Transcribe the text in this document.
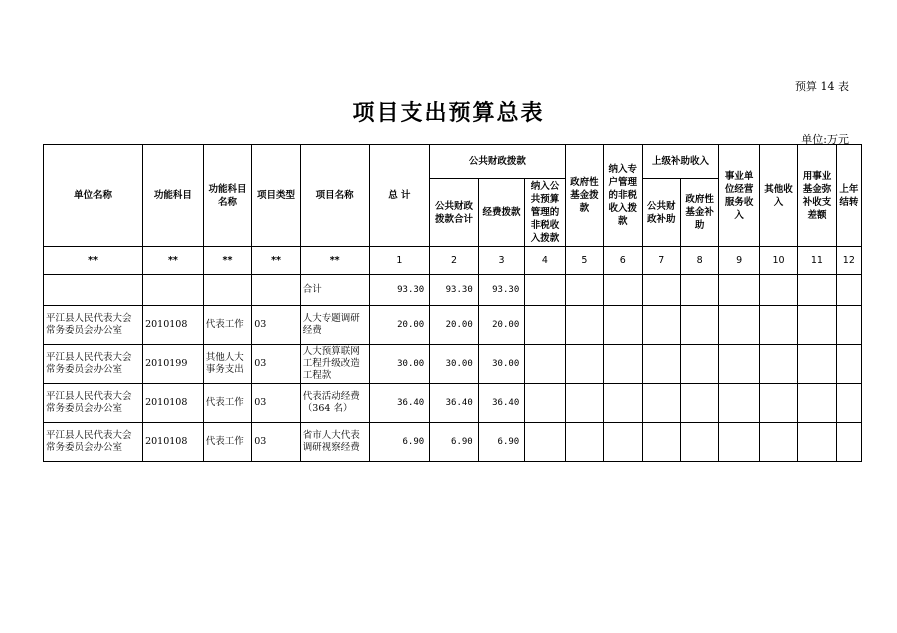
预算 14 表
项目支出预算总表
单位:万元
单位名称	功能科目	功能科目名称	项目类型	项目名称	总 计	公共财政拨款			政府性基金拨款	纳入专户管理的非税收入拨款	上级补助收入		事业单位经营服务收入	其他收入	用事业基金弥补收支差额	上年结转
						公共财政拨款合计	经费拨款	纳入公共预算管理的非税收入拨款			公共财政补助	政府性基金补助				
**	**	**	**	**	1	2	3	4	5	6	7	8	9	10	11	12
				合计	93.30	93.30	93.30									
平江县人民代表大会常务委员会办公室	2010108	代表工作	03	人大专题调研经费	20.00	20.00	20.00									
平江县人民代表大会常务委员会办公室	2010199	其他人大事务支出	03	人大预算联网工程升级改造工程款	30.00	30.00	30.00									
平江县人民代表大会常务委员会办公室	2010108	代表工作	03	代表活动经费（364 名）	36.40	36.40	36.40									
平江县人民代表大会常务委员会办公室	2010108	代表工作	03	省市人大代表调研视察经费	6.90	6.90	6.90									
